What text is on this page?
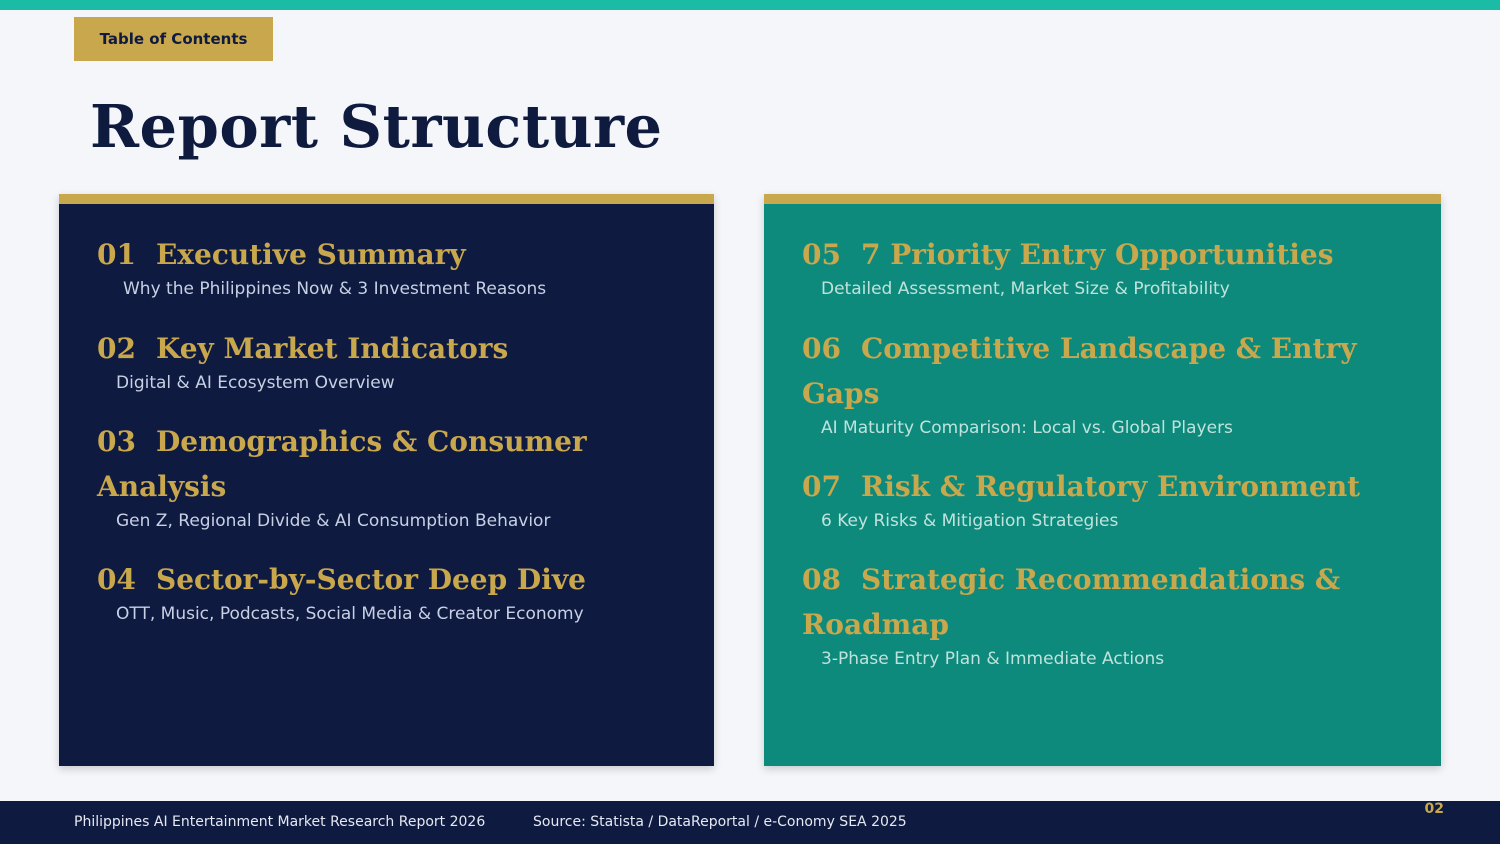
Table of Contents
Report Structure

01 Executive Summary

Why the Philippines Now & 3 Investment Reasons

02 Key Market Indicators

Digital & AI Ecosystem Overview

03 Demographics & Consumer Analysis

Gen Z, Regional Divide & AI Consumption Behavior

04 Sector-by-Sector Deep Dive

OTT, Music, Podcasts, Social Media & Creator Economy

05 7 Priority Entry Opportunities

Detailed Assessment, Market Size & Profitability

06 Competitive Landscape & Entry Gaps

AI Maturity Comparison: Local vs. Global Players

07 Risk & Regulatory Environment

6 Key Risks & Mitigation Strategies

08 Strategic Recommendations & Roadmap

3-Phase Entry Plan & Immediate Actions

Philippines AI Entertainment Market Research Report 2026	Source: Statista / DataReportal / e-Conomy SEA 2025
02
